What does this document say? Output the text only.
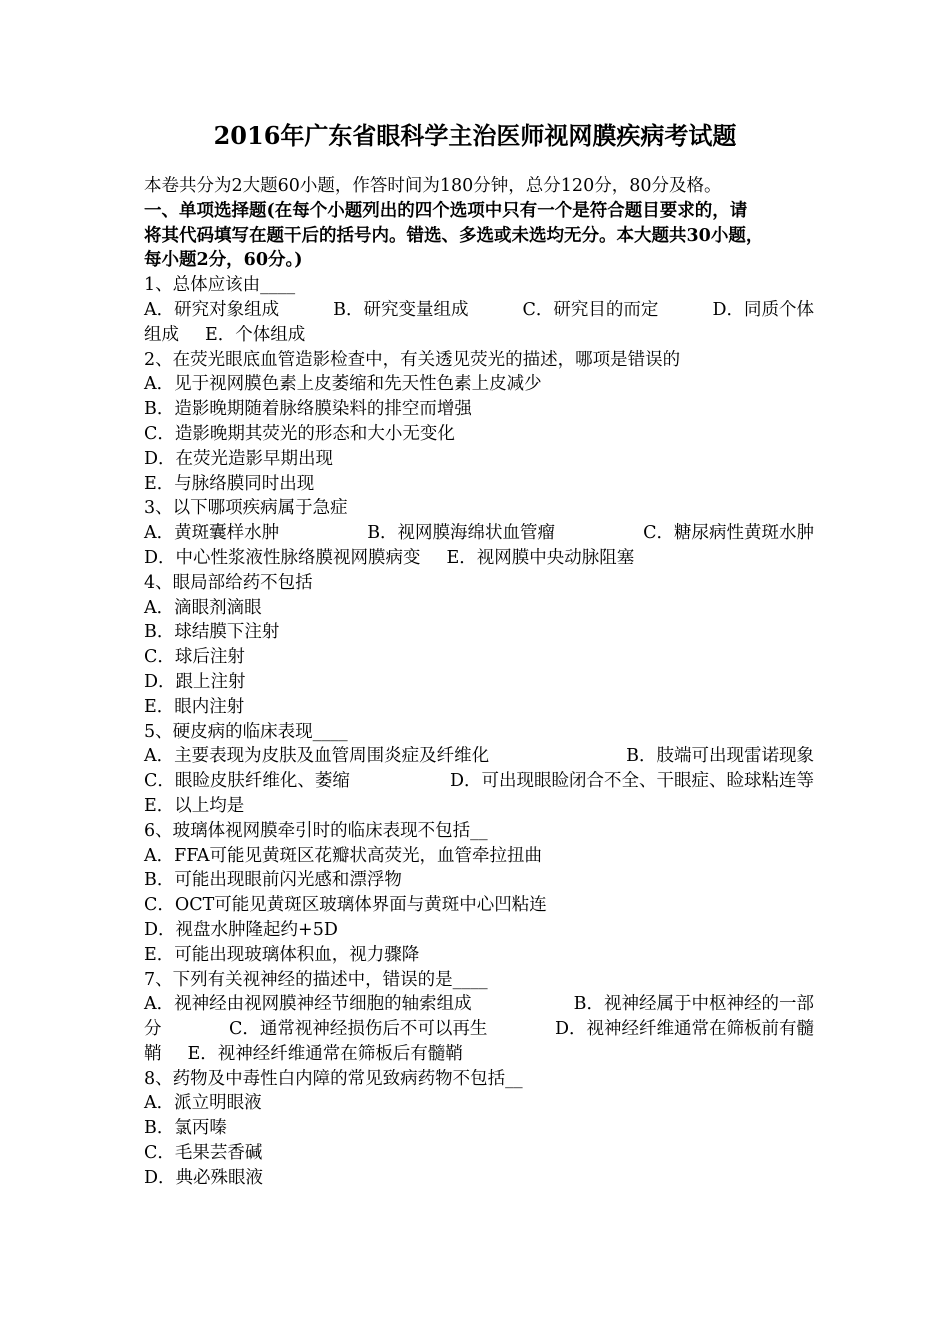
2016年广东省眼科学主治医师视网膜疾病考试题
本卷共分为2大题60小题，作答时间为180分钟，总分120分，80分及格。
一、单项选择题(在每个小题列出的四个选项中只有一个是符合题目要求的，请
将其代码填写在题干后的括号内。错选、多选或未选均无分。本大题共30小题，
每小题2分，60分。)
1、总体应该由____
A．研究对象组成	B．研究变量组成	C．研究目的而定	D．同质个体
组成 E．个体组成
2、在荧光眼底血管造影检查中，有关透见荧光的描述，哪项是错误的
A．见于视网膜色素上皮萎缩和先天性色素上皮减少
B．造影晚期随着脉络膜染料的排空而增强
C．造影晚期其荧光的形态和大小无变化
D．在荧光造影早期出现
E．与脉络膜同时出现
3、以下哪项疾病属于急症
A．黄斑囊样水肿	B．视网膜海绵状血管瘤	C．糖尿病性黄斑水肿
D．中心性浆液性脉络膜视网膜病变 E．视网膜中央动脉阻塞
4、眼局部给药不包括
A．滴眼剂滴眼
B．球结膜下注射
C．球后注射
D．跟上注射
E．眼内注射
5、硬皮病的临床表现____
A．主要表现为皮肤及血管周围炎症及纤维化	B．肢端可出现雷诺现象
C．眼睑皮肤纤维化、萎缩	D．可出现眼睑闭合不全、干眼症、睑球粘连等
E．以上均是
6、玻璃体视网膜牵引时的临床表现不包括__
A．FFA可能见黄斑区花瓣状高荧光，血管牵拉扭曲
B．可能出现眼前闪光感和漂浮物
C．OCT可能见黄斑区玻璃体界面与黄斑中心凹粘连
D．视盘水肿隆起约+5D
E．可能出现玻璃体积血，视力骤降
7、下列有关视神经的描述中，错误的是____
A．视神经由视网膜神经节细胞的轴索组成	B．视神经属于中枢神经的一部
分	C．通常视神经损伤后不可以再生	D．视神经纤维通常在筛板前有髓
鞘 E．视神经纤维通常在筛板后有髓鞘
8、药物及中毒性白内障的常见致病药物不包括__
A．派立明眼液
B．氯丙嗪
C．毛果芸香碱
D．典必殊眼液
